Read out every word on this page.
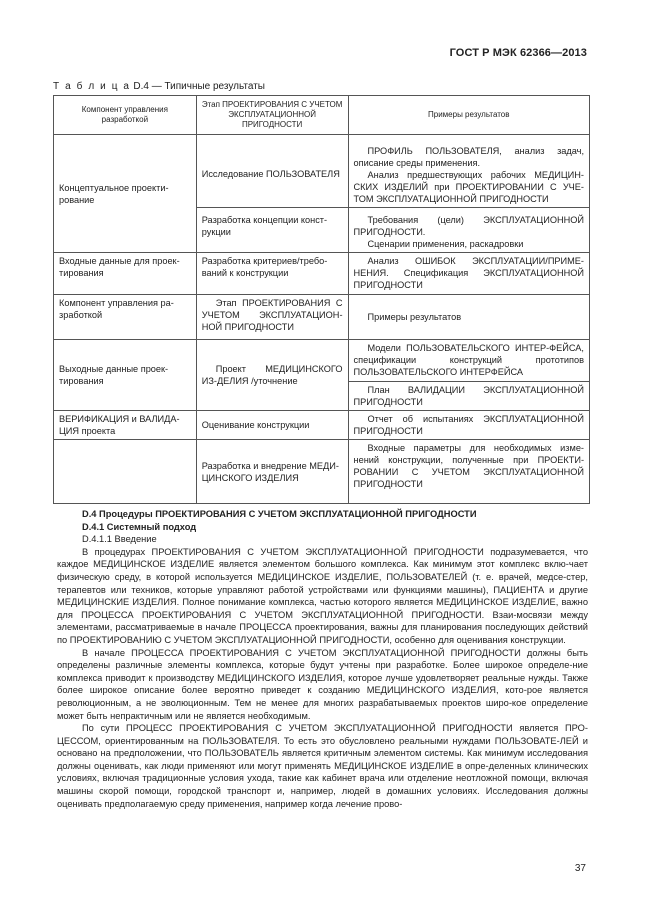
ГОСТ Р МЭК 62366—2013
Т а б л и ц а D.4 — Типичные результаты
Компонент управления разработкой	Этап ПРОЕКТИРОВАНИЯ С УЧЕТОМ ЭКСПЛУАТАЦИОННОЙ ПРИГОДНОСТИ	Примеры результатов
Концептуальное проекти-рование	Исследование ПОЛЬЗОВАТЕЛЯ	ПРОФИЛЬ ПОЛЬЗОВАТЕЛЯ, анализ задач, описание среды применения.
Анализ предшествующих рабочих МЕДИЦИН-СКИХ ИЗДЕЛИЙ при ПРОЕКТИРОВАНИИ С УЧЕ-ТОМ ЭКСПЛУАТАЦИОННОЙ ПРИГОДНОСТИ

	Разработка концепции конст-рукции	Требования (цели) ЭКСПЛУАТАЦИОННОЙ ПРИГОДНОСТИ.
Сценарии применения, раскадровки

Входные данные для проек-тирования	Разработка критериев/требо-ваний к конструкции	Анализ ОШИБОК ЭКСПЛУАТАЦИИ/ПРИМЕ-НЕНИЯ. Спецификация ЭКСПЛУАТАЦИОННОЙ ПРИГОДНОСТИ

Компонент управления ра-зработкой	Этап ПРОЕКТИРОВАНИЯ С УЧЕТОМ ЭКСПЛУАТАЦИОН-НОЙ ПРИГОДНОСТИ	Примеры результатов

Выходные данные проек-тирования	Проект МЕДИЦИНСКОГО ИЗ-ДЕЛИЯ /уточнение	Модели ПОЛЬЗОВАТЕЛЬСКОГО ИНТЕР-ФЕЙСА, спецификации конструкций прототипов ПОЛЬЗОВАТЕЛЬСКОГО ИНТЕРФЕЙСА

		План ВАЛИДАЦИИ ЭКСПЛУАТАЦИОННОЙ ПРИГОДНОСТИ

ВЕРИФИКАЦИЯ и ВАЛИДА-ЦИЯ проекта	Оценивание конструкции	Отчет об испытаниях ЭКСПЛУАТАЦИОННОЙ ПРИГОДНОСТИ

	Разработка и внедрение МЕДИ-ЦИНСКОГО ИЗДЕЛИЯ	Входные параметры для необходимых изме-нений конструкции, полученные при ПРОЕКТИ-РОВАНИИ С УЧЕТОМ ЭКСПЛУАТАЦИОННОЙ ПРИГОДНОСТИ

D.4 Процедуры ПРОЕКТИРОВАНИЯ С УЧЕТОМ ЭКСПЛУАТАЦИОННОЙ ПРИГОДНОСТИ

D.4.1 Системный подход

D.4.1.1 Введение

В процедурах ПРОЕКТИРОВАНИЯ С УЧЕТОМ ЭКСПЛУАТАЦИОННОЙ ПРИГОДНОСТИ подразумевается, что каждое МЕДИЦИНСКОЕ ИЗДЕЛИЕ является элементом большого комплекса. Как минимум этот комплекс вклю-чает физическую среду, в которой используется МЕДИЦИНСКОЕ ИЗДЕЛИЕ, ПОЛЬЗОВАТЕЛЕЙ (т. е. врачей, медсе-стер, терапевтов или техников, которые управляют работой устройствами или функциями машины), ПАЦИЕНТА и другие МЕДИЦИНСКИЕ ИЗДЕЛИЯ. Полное понимание комплекса, частью которого является МЕДИЦИНСКОЕ ИЗДЕЛИЕ, важно для ПРОЦЕССА ПРОЕКТИРОВАНИЯ С УЧЕТОМ ЭКСПЛУАТАЦИОННОЙ ПРИГОДНОСТИ. Взаи-мосвязи между элементами, рассматриваемые в начале ПРОЦЕССА проектирования, важны для планирования последующих действий по ПРОЕКТИРОВАНИЮ С УЧЕТОМ ЭКСПЛУАТАЦИОННОЙ ПРИГОДНОСТИ, особенно для оценивания конструкции.

В начале ПРОЦЕССА ПРОЕКТИРОВАНИЯ С УЧЕТОМ ЭКСПЛУАТАЦИОННОЙ ПРИГОДНОСТИ должны быть определены различные элементы комплекса, которые будут учтены при разработке. Более широкое определе-ние комплекса приводит к производству МЕДИЦИНСКОГО ИЗДЕЛИЯ, которое лучше удовлетворяет реальные нужды. Также более широкое описание более вероятно приведет к созданию МЕДИЦИНСКОГО ИЗДЕЛИЯ, кото-рое является революционным, а не эволюционным. Тем не менее для многих разрабатываемых проектов широ-кое определение может быть непрактичным или не является необходимым.

По сути ПРОЦЕСС ПРОЕКТИРОВАНИЯ С УЧЕТОМ ЭКСПЛУАТАЦИОННОЙ ПРИГОДНОСТИ является ПРО-ЦЕССОМ, ориентированным на ПОЛЬЗОВАТЕЛЯ. То есть это обусловлено реальными нуждами ПОЛЬЗОВАТЕ-ЛЕЙ и основано на предположении, что ПОЛЬЗОВАТЕЛЬ является критичным элементом системы. Как минимум исследования должны оценивать, как люди применяют или могут применять МЕДИЦИНСКОЕ ИЗДЕЛИЕ в опре-деленных клинических условиях, включая традиционные условия ухода, такие как кабинет врача или отделение неотложной помощи, включая машины скорой помощи, городской транспорт и, например, людей в домашних условиях. Исследования должны оценивать предполагаемую среду применения, например когда лечение прово-

37
